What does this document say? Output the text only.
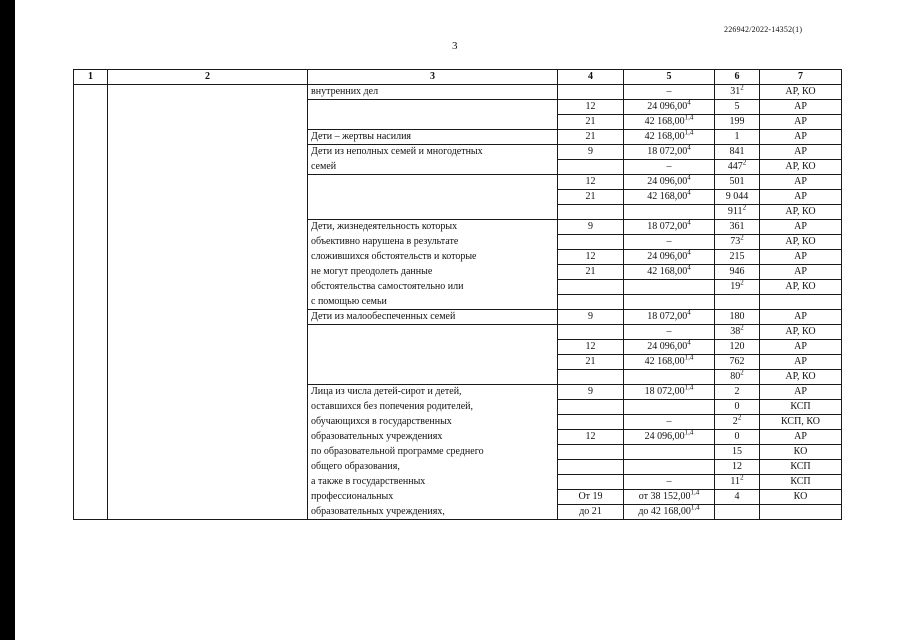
226942/2022-14352(1)
3
1	2	3	4	5	6	7
		внутренних дел		–	$31^2$	АР, КО
			12	24 096,00$^4$	5	АР
			21	42 168,00$^{1,4}$	199	АР
		Дети – жертвы насилия	21	42 168,00$^{1,4}$	1	АР
		Дети из неполных семей и многодетных	9	18 072,00$^4$	841	АР
		семей		–	$447^2$	АР, КО
			12	24 096,00$^4$	501	АР
			21	42 168,00$^4$	9 044	АР
					$911^2$	АР, КО
		Дети, жизнедеятельность которых	9	18 072,00$^4$	361	АР
		объективно нарушена в результате		–	$73^2$	АР, КО
		сложившихся обстоятельств и которые	12	24 096,00$^4$	215	АР
		не могут преодолеть данные	21	42 168,00$^4$	946	АР
		обстоятельства самостоятельно или			$19^2$	АР, КО
		с помощью семьи				
		Дети из малообеспеченных семей	9	18 072,00$^4$	180	АР
				–	$38^2$	АР, КО
			12	24 096,00$^4$	120	АР
			21	42 168,00$^{1,4}$	762	АР
					$80^2$	АР, КО
		Лица из числа детей-сирот и детей,	9	18 072,00$^{1,4}$	2	АР
		оставшихся без попечения родителей,			0	КСП
		обучающихся в государственных		–	$2^2$	КСП, КО
		образовательных учреждениях	12	24 096,00$^{1,4}$	0	АР
		по образовательной программе среднего			15	КО
		общего образования,			12	КСП
		а также в государственных		–	$11^2$	КСП
		профессиональных	От 19	от 38 152,00$^{1,4}$	4	КО
		образовательных учреждениях,	до 21	до 42 168,00$^{1,4}$		
